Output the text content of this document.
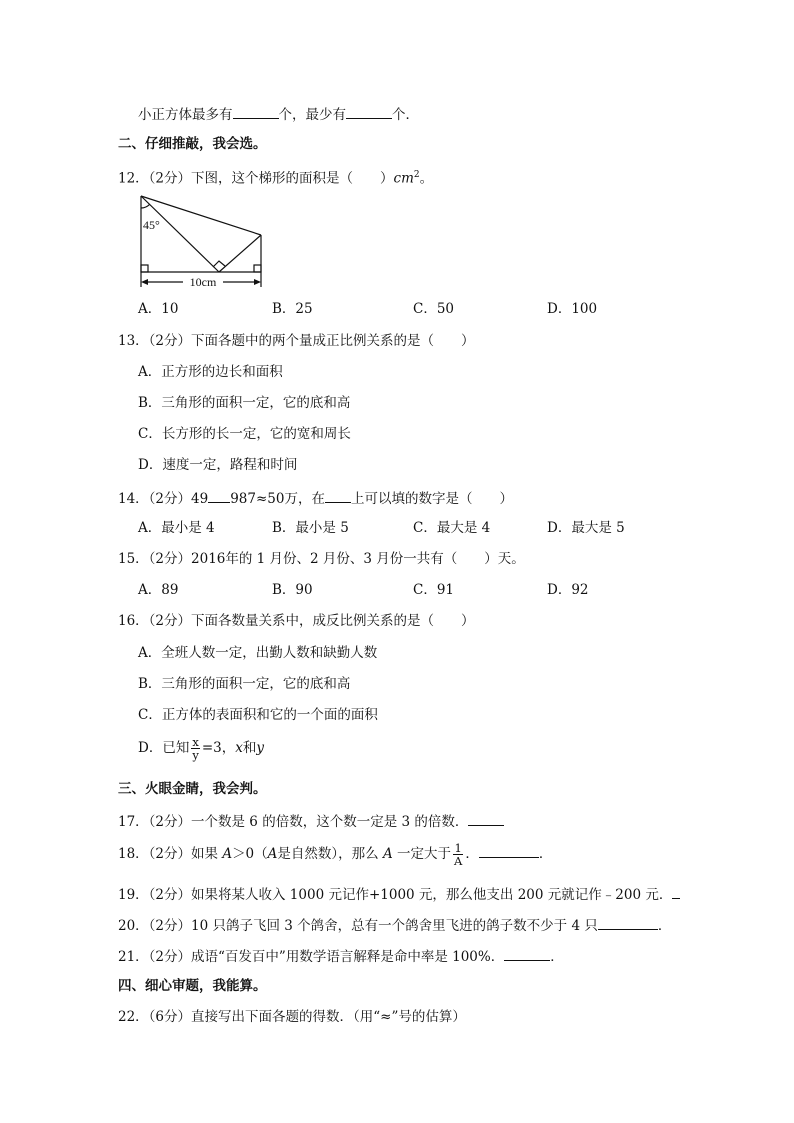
小正方体最多有	个，最少有	个．
二、仔细推敲，我会选。
12．（2分）下图，这个梯形的面积是（　　）$cm^2$。
45°
10cm
A．10	B．25	C．50	D．100
13．（2分）下面各题中的两个量成正比例关系的是（　　）
A．正方形的边长和面积
B．三角形的面积一定，它的底和高
C．长方形的长一定，它的宽和周长
D．速度一定，路程和时间
14．（2分）49 987≈50万，在 上可以填的数字是（　　）
A．最小是 4	B．最小是 5	C．最大是 4	D．最大是 5
15．（2分）2016年的 1 月份、2 月份、3 月份一共有（　　）天。
A．89	B．90	C．91	D．92
16．（2分）下面各数量关系中，成反比例关系的是（　　）
A．全班人数一定，出勤人数和缺勤人数
B．三角形的面积一定，它的底和高
C．正方体的表面积和它的一个面的面积
D．已知 $\frac{x}{y} =3$，x和y
三、火眼金睛，我会判。
17．（2分）一个数是 6 的倍数，这个数一定是 3 的倍数．
18．（2分）如果 A＞0（A是自然数），那么 A 一定大于 $\frac{1}{A}$ ．	．
19．（2分）如果将某人收入 1000 元记作+1000 元，那么他支出 200 元就记作﹣200 元．
20．（2分）10 只鸽子飞回 3 个鸽舍，总有一个鸽舍里飞进的鸽子数不少于 4 只	．
21．（2分）成语“百发百中”用数学语言解释是命中率是 100%．	．
四、细心审题，我能算。
22．（6分）直接写出下面各题的得数．（用“≈”号的估算）
